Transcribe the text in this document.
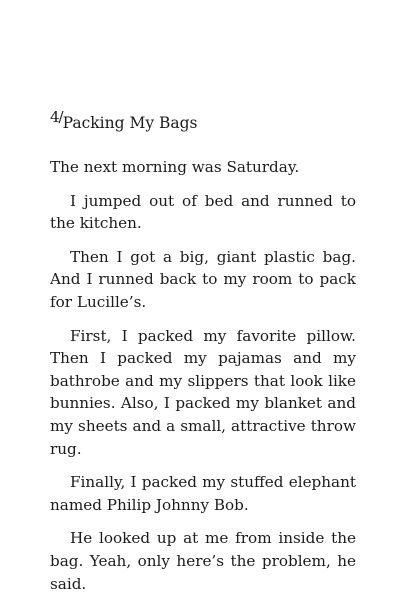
$^{4/}$Packing My Bags

The next morning was Saturday.

I jumped out of bed and runned to the kitchen.

Then I got a big, giant plastic bag. And I runned back to my room to pack for Lucille’s.

First, I packed my favorite pillow. Then I packed my pajamas and my bathrobe and my slippers that look like bunnies. Also, I packed my blanket and my sheets and a small, attractive throw rug.

Finally, I packed my stuffed elephant named Philip Johnny Bob.

He looked up at me from inside the bag. Yeah, only here’s the problem, he said.
